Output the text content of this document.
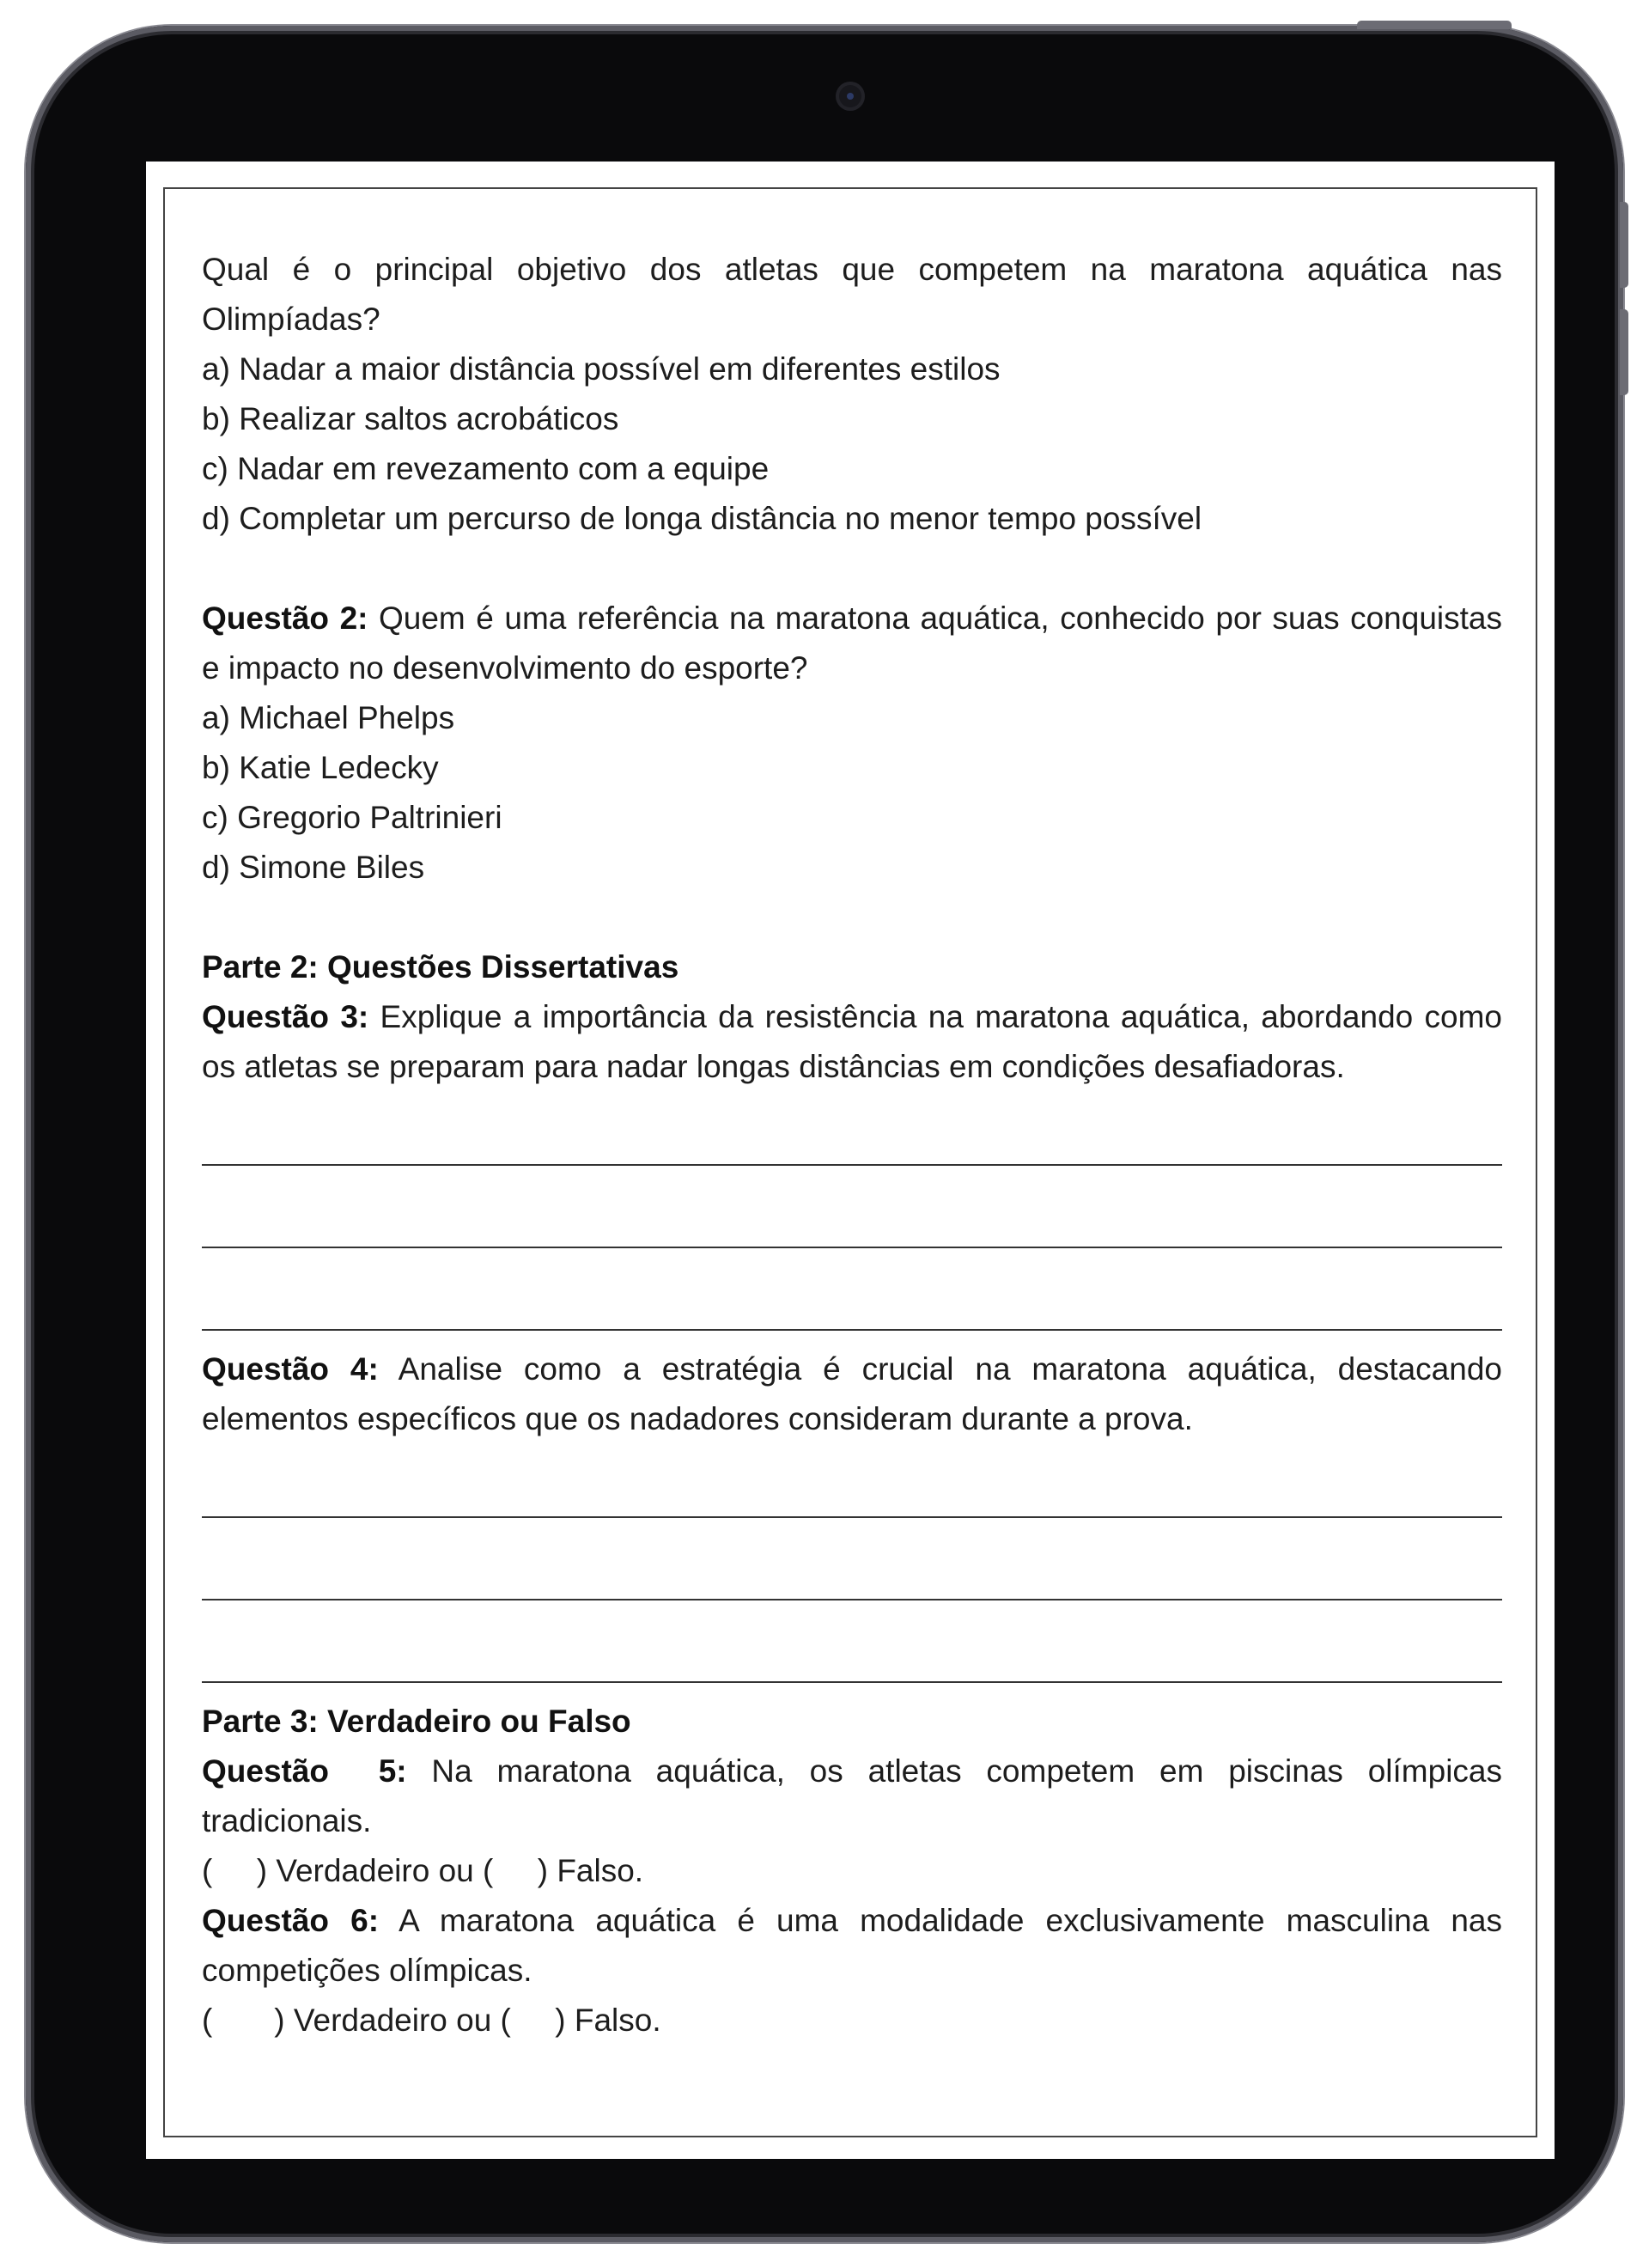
Qual é o principal objetivo dos atletas que competem na maratona aquática nas Olimpíadas?

a) Nadar a maior distância possível em diferentes estilos

b) Realizar saltos acrobáticos

c) Nadar em revezamento com a equipe

d) Completar um percurso de longa distância no menor tempo possível

Questão 2: Quem é uma referência na maratona aquática, conhecido por suas conquistas e impacto no desenvolvimento do esporte?

a) Michael Phelps

b) Katie Ledecky

c) Gregorio Paltrinieri

d) Simone Biles

Parte 2: Questões Dissertativas

Questão 3: Explique a importância da resistência na maratona aquática, abordando como os atletas se preparam para nadar longas distâncias em condições desafiadoras.

Questão 4: Analise como a estratégia é crucial na maratona aquática, destacando elementos específicos que os nadadores consideram durante a prova.

Parte 3: Verdadeiro ou Falso

Questão  5: Na maratona aquática, os atletas competem em piscinas olímpicas tradicionais.

(     ) Verdadeiro ou (     ) Falso.

Questão 6: A maratona aquática é uma modalidade exclusivamente masculina nas competições olímpicas.

(       ) Verdadeiro ou (     ) Falso.
